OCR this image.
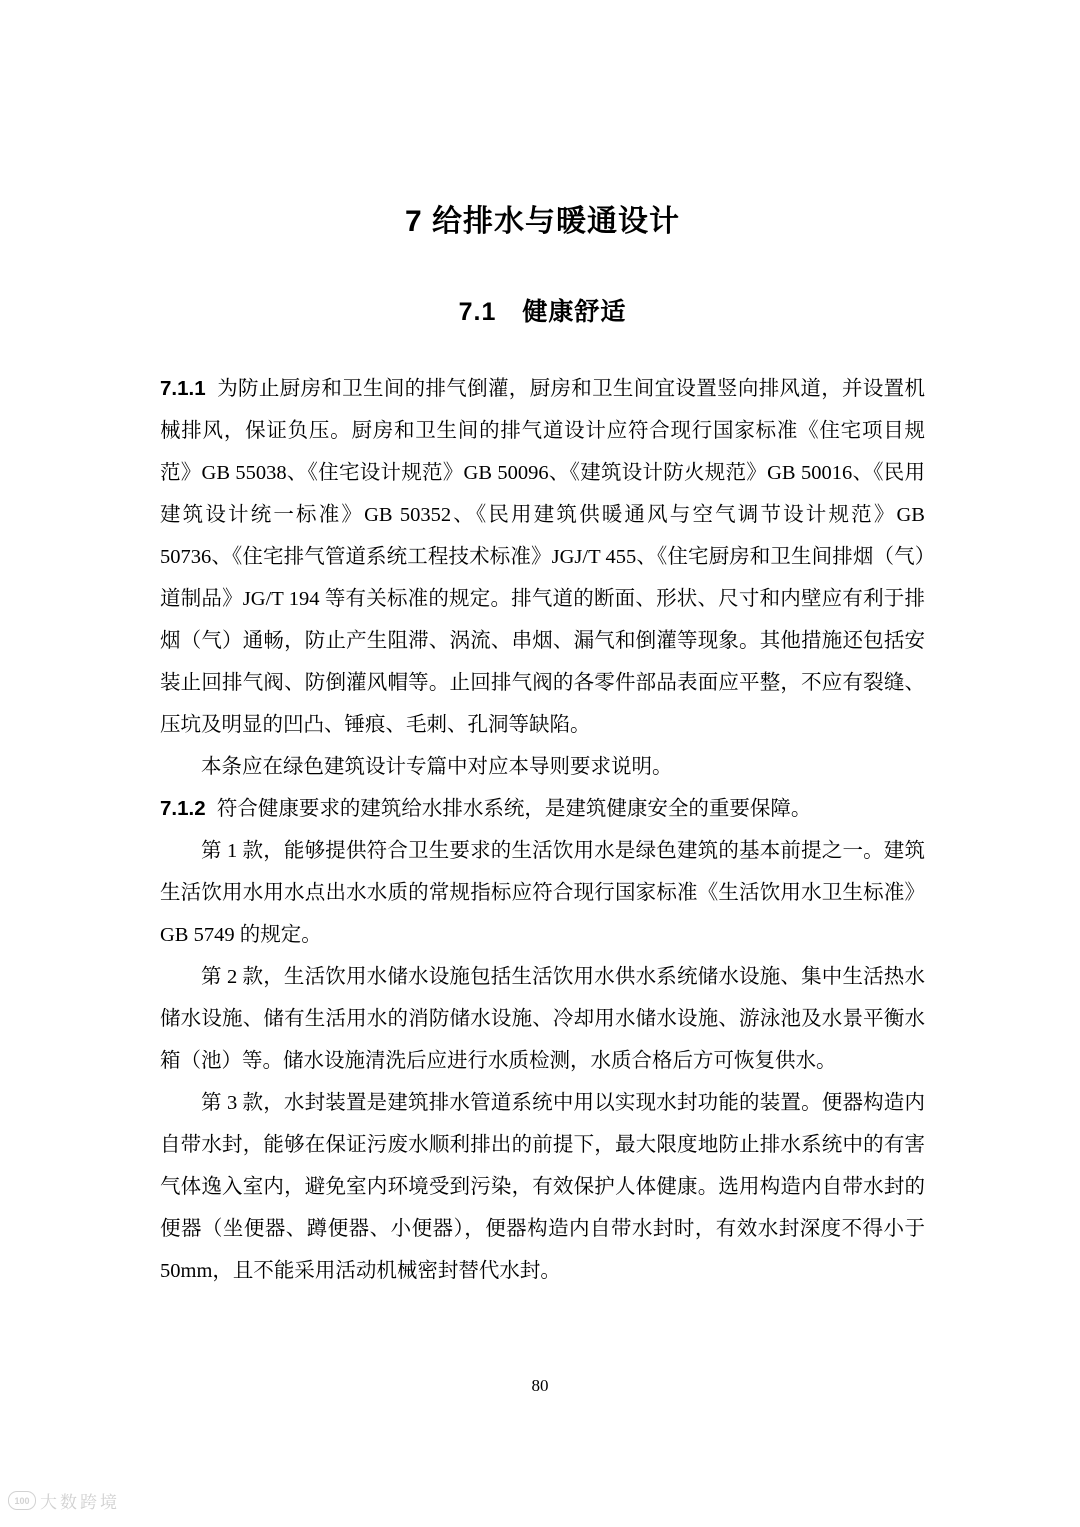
7 给排水与暖通设计
7.1　健康舒适

7.1.1 为防止厨房和卫生间的排气倒灌，厨房和卫生间宜设置竖向排风道，并设置机械排风，保证负压。厨房和卫生间的排气道设计应符合现行国家标准《住宅项目规范》GB 55038、《住宅设计规范》GB 50096、《建筑设计防火规范》GB 50016、《民用建筑设计统一标准》GB 50352、《民用建筑供暖通风与空气调节设计规范》GB 50736、《住宅排气管道系统工程技术标准》JGJ/T 455、《住宅厨房和卫生间排烟（气）道制品》JG/T 194 等有关标准的规定。排气道的断面、形状、尺寸和内壁应有利于排烟（气）通畅，防止产生阻滞、涡流、串烟、漏气和倒灌等现象。其他措施还包括安装止回排气阀、防倒灌风帽等。止回排气阀的各零件部品表面应平整，不应有裂缝、压坑及明显的凹凸、锤痕、毛刺、孔洞等缺陷。

本条应在绿色建筑设计专篇中对应本导则要求说明。

7.1.2 符合健康要求的建筑给水排水系统，是建筑健康安全的重要保障。

第 1 款，能够提供符合卫生要求的生活饮用水是绿色建筑的基本前提之一。建筑生活饮用水用水点出水水质的常规指标应符合现行国家标准《生活饮用水卫生标准》GB 5749 的规定。

第 2 款，生活饮用水储水设施包括生活饮用水供水系统储水设施、集中生活热水储水设施、储有生活用水的消防储水设施、冷却用水储水设施、游泳池及水景平衡水箱（池）等。储水设施清洗后应进行水质检测，水质合格后方可恢复供水。

第 3 款，水封装置是建筑排水管道系统中用以实现水封功能的装置。便器构造内自带水封，能够在保证污废水顺利排出的前提下，最大限度地防止排水系统中的有害气体逸入室内，避免室内环境受到污染，有效保护人体健康。选用构造内自带水封的便器（坐便器、蹲便器、小便器），便器构造内自带水封时，有效水封深度不得小于 50mm，且不能采用活动机械密封替代水封。

80
100 大数跨境
